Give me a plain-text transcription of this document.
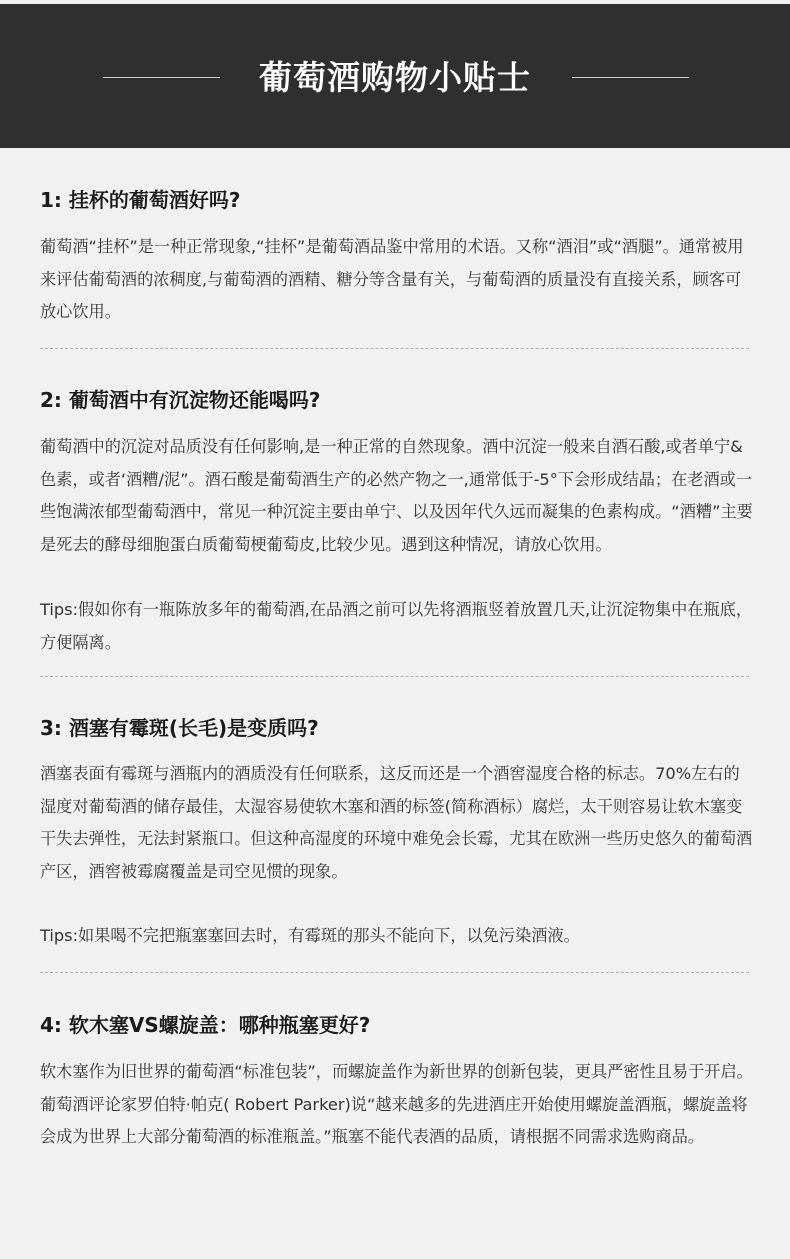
葡萄酒购物小贴士
1: 挂杯的葡萄酒好吗?

葡萄酒“挂杯”是一种正常现象,“挂杯”是葡萄酒品鉴中常用的术语。又称“酒泪”或“酒腿”。通常被用来评估葡萄酒的浓稠度,与葡萄酒的酒精、糖分等含量有关，与葡萄酒的质量没有直接关系，顾客可放心饮用。

2: 葡萄酒中有沉淀物还能喝吗?

葡萄酒中的沉淀对品质没有任何影响,是一种正常的自然现象。酒中沉淀一般来自酒石酸,或者单宁&色素，或者‘酒糟/泥”。酒石酸是葡萄酒生产的必然产物之一,通常低于-5°下会形成结晶；在老酒或一些饱满浓郁型葡萄酒中，常见一种沉淀主要由单宁、以及因年代久远而凝集的色素构成。“酒糟”主要是死去的酵母细胞蛋白质葡萄梗葡萄皮,比较少见。遇到这种情况，请放心饮用。

Tips:假如你有一瓶陈放多年的葡萄酒,在品酒之前可以先将酒瓶竖着放置几天,让沉淀物集中在瓶底，方便隔离。

3: 酒塞有霉斑(长毛)是变质吗?

酒塞表面有霉斑与酒瓶内的酒质没有任何联系，这反而还是一个酒窖湿度合格的标志。70%左右的湿度对葡萄酒的储存最佳，太湿容易使软木塞和酒的标签(简称酒标）腐烂，太干则容易让软木塞变干失去弹性，无法封紧瓶口。但这种高湿度的环境中难免会长霉，尤其在欧洲一些历史悠久的葡萄酒产区，酒窖被霉腐覆盖是司空见惯的现象。

Tips:如果喝不完把瓶塞塞回去时，有霉斑的那头不能向下，以免污染酒液。

4: 软木塞VS螺旋盖：哪种瓶塞更好?

软木塞作为旧世界的葡萄酒“标准包装”，而螺旋盖作为新世界的创新包装，更具严密性且易于开启。葡萄酒评论家罗伯特·帕克( Robert Parker)说“越来越多的先进酒庄开始使用螺旋盖酒瓶，螺旋盖将会成为世界上大部分葡萄酒的标准瓶盖。”瓶塞不能代表酒的品质，请根据不同需求选购商品。
